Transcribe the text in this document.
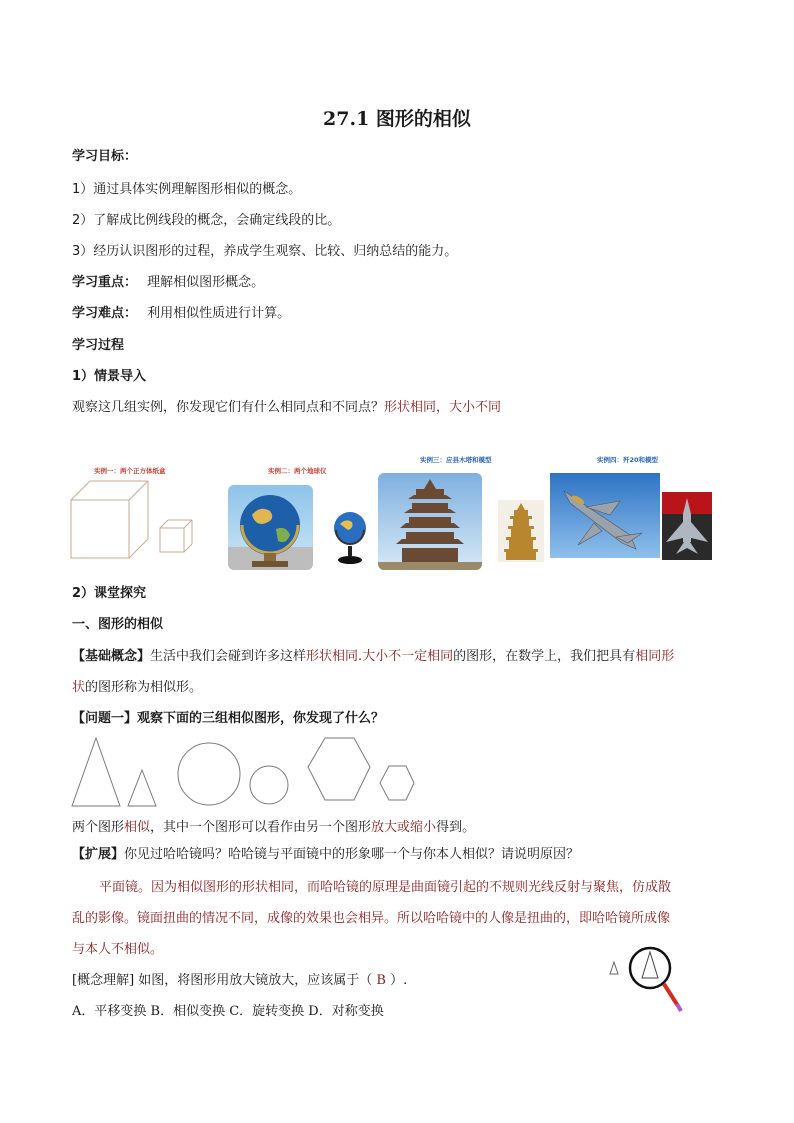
27.1 图形的相似
学习目标：
1）通过具体实例理解图形相似的概念。
2）了解成比例线段的概念，会确定线段的比。
3）经历认识图形的过程，养成学生观察、比较、归纳总结的能力。
学习重点： 理解相似图形概念。
学习难点： 利用相似性质进行计算。
学习过程
1）情景导入
观察这几组实例，你发现它们有什么相同点和不同点？形状相同，大小不同
实例一：两个正方体纸盒	实例二：两个地球仪
实例三：应县木塔和模型	实例四：歼20和模型
2）课堂探究
一、图形的相似
【基础概念】生活中我们会碰到许多这样形状相同.大小不一定相同的图形，在数学上，我们把具有相同形
状的图形称为相似形。
【问题一】观察下面的三组相似图形，你发现了什么？
两个图形相似，其中一个图形可以看作由另一个图形放大或缩小得到。
【扩展】你见过哈哈镜吗？哈哈镜与平面镜中的形象哪一个与你本人相似？请说明原因？
平面镜。因为相似图形的形状相同，而哈哈镜的原理是曲面镜引起的不规则光线反射与聚焦，仿成散
乱的影像。镜面扭曲的情况不同，成像的效果也会相异。所以哈哈镜中的人像是扭曲的，即哈哈镜所成像
与本人不相似。
[概念理解] 如图，将图形用放大镜放大，应该属于（ B ）.
A．平移变换 B．相似变换 C．旋转变换 D．对称变换
